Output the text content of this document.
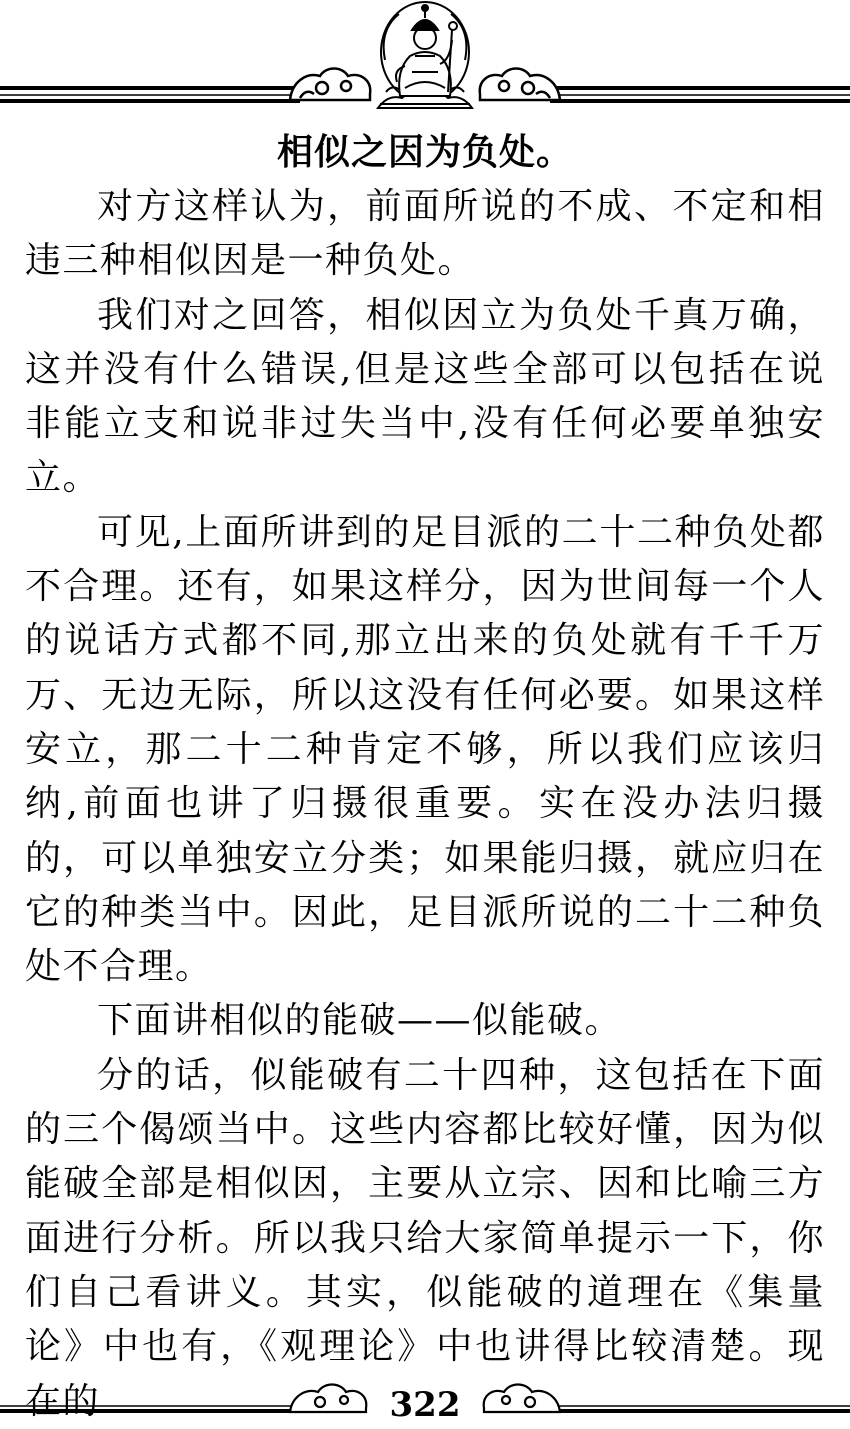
相似之因为负处。

对方这样认为，前面所说的不成、不定和相违三种相似因是一种负处。

我们对之回答，相似因立为负处千真万确，这并没有什么错误,但是这些全部可以包括在说非能立支和说非过失当中,没有任何必要单独安立。

可见,上面所讲到的足目派的二十二种负处都不合理。还有，如果这样分，因为世间每一个人的说话方式都不同,那立出来的负处就有千千万万、无边无际，所以这没有任何必要。如果这样安立，那二十二种肯定不够，所以我们应该归纳,前面也讲了归摄很重要。实在没办法归摄的，可以单独安立分类；如果能归摄，就应归在它的种类当中。因此，足目派所说的二十二种负处不合理。

下面讲相似的能破——似能破。

分的话，似能破有二十四种，这包括在下面的三个偈颂当中。这些内容都比较好懂，因为似能破全部是相似因，主要从立宗、因和比喻三方面进行分析。所以我只给大家简单提示一下，你们自己看讲义。其实，似能破的道理在《集量论》中也有，《观理论》中也讲得比较清楚。现在的	322
